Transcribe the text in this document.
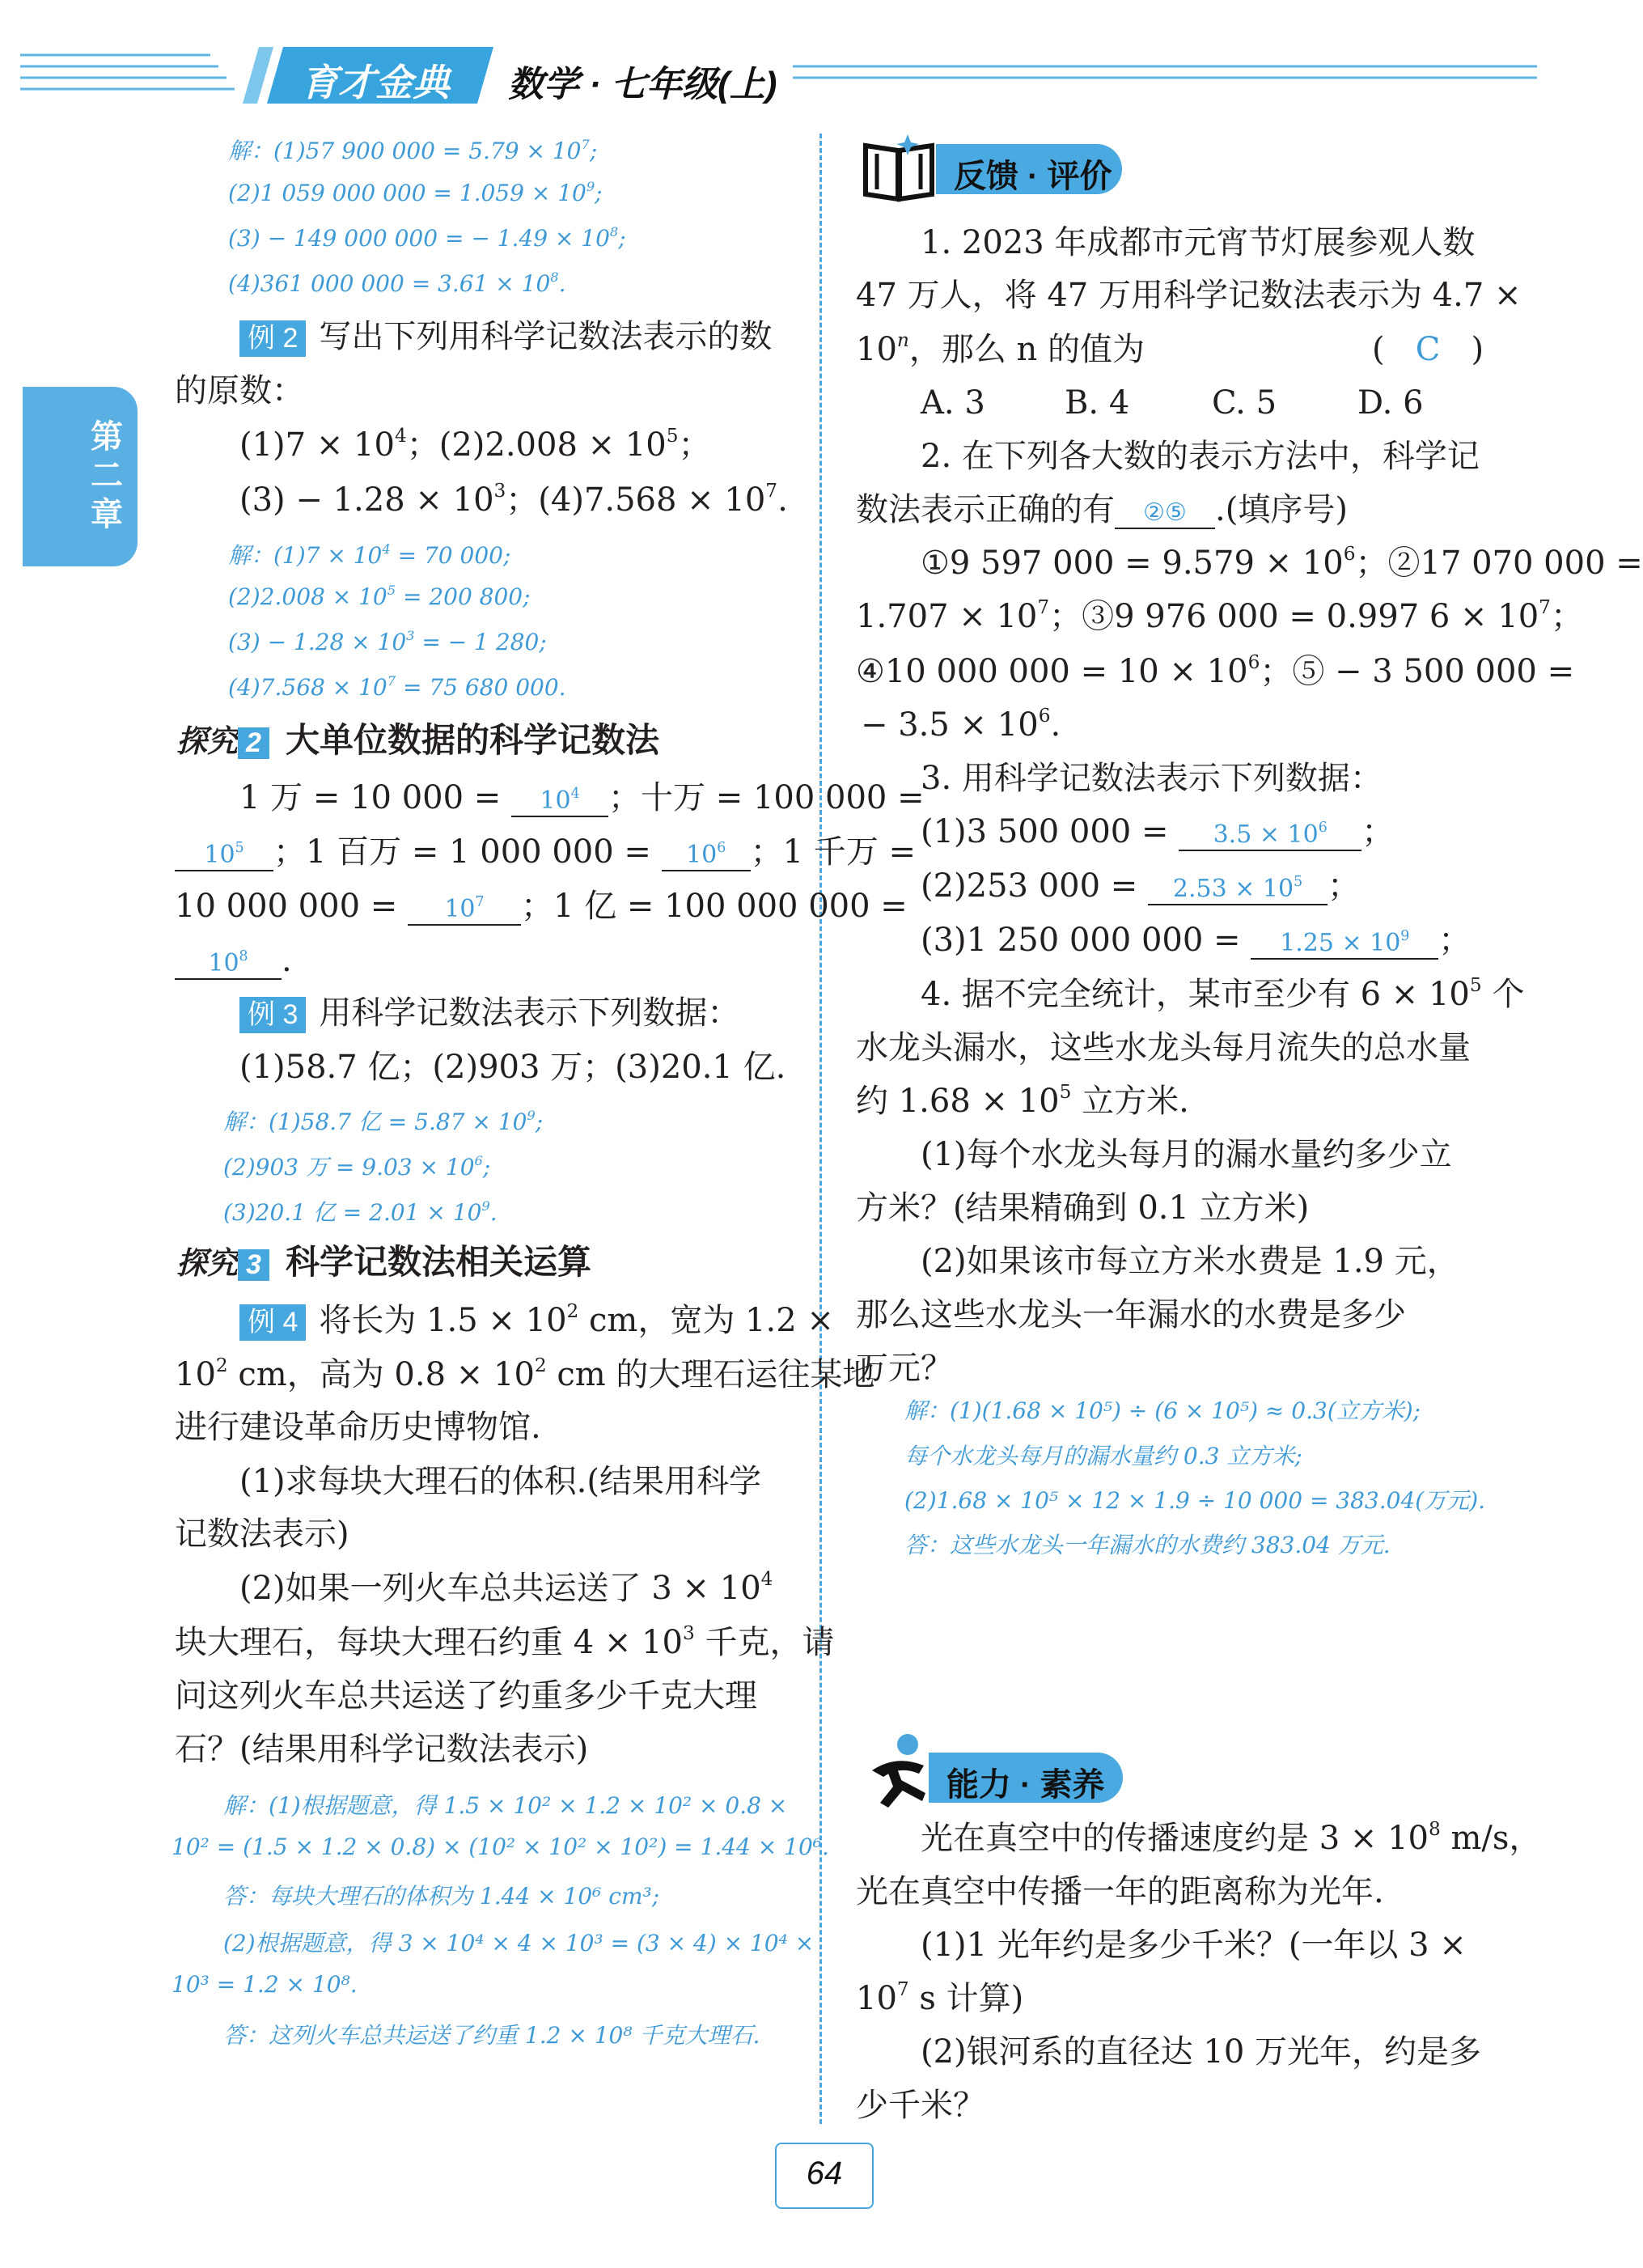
育才金典 数学 · 七年级(上)
第二章
解：(1)57 900 $000 = 5.79 \times 10^7$;
(2)1 059 000 $000 = 1.059 \times 10^9$;
(3) − 149 000 000 = − $1.49 \times 10^8$;
(4)361 000 $000 = 3.61 \times 10^8$.
例 2 写出下列用科学记数法表示的数
的原数：
$(1)7 \times 10^4$；$(2)2.008 \times 10^5$；
$(3) - 1.28 \times 10^3$；$(4)7.568 \times 10^7$.
解：$(1)7 \times 10^4 = 70$ 000;
$(2)2.008 \times 10^5 = 200$ 800;
$(3) - 1.28 \times 10^3$ = − 1 280;
$(4)7.568 \times 10^7 = 75$ 680 000.
探究 2 大单位数据的科学记数法
1 万 = 10 $000 = 10^4$ ；十万 = 100 000 =
$10^5$ ；1 百万 = 1 000 $000 = 10^6$ ；1 千万 =
10 000 $000 = 10^7$ ；1 亿 = 100 000 000 =
$10^8$ .
例 3 用科学记数法表示下列数据：
(1)58.7 亿；(2)903 万；(3)20.1 亿.
解：(1)58.7 亿 = $5.87 \times 10^9$;
(2)903 万 = $9.03 \times 10^6$;
(3)20.1 亿 = $2.01 \times 10^9$.
探究 3 科学记数法相关运算
例 4 将长为 $1.5 \times 10^2$ cm，宽为 1.2 ×
$10^2$ cm，高为 $0.8 \times 10^2$ cm 的大理石运往某地
进行建设革命历史博物馆.
(1)求每块大理石的体积.(结果用科学
记数法表示)
(2)如果一列火车总共运送了 $3 \times 10^4$
块大理石，每块大理石约重 $4 \times 10^3$ 千克，请
问这列火车总共运送了约重多少千克大理
石？(结果用科学记数法表示)
解：(1)根据题意，得 1.5 × 10² × 1.2 × 10² × 0.8 ×
10² = (1.5 × 1.2 × 0.8) × (10² × 10² × 10²) = 1.44 × 10⁶.
答：每块大理石的体积为 1.44 × 10⁶ cm³;
(2)根据题意，得 3 × 10⁴ × 4 × 10³ = (3 × 4) × 10⁴ ×
10³ = 1.2 × 10⁸.
答：这列火车总共运送了约重 1.2 × 10⁸ 千克大理石.
反馈 · 评价
1. 2023 年成都市元宵节灯展参观人数
47 万人，将 47 万用科学记数法表示为 4.7 ×
$10^n$，那么 n 的值为	(   C   )
A. 3 B. 4	C. 5 D. 6
2. 在下列各大数的表示方法中，科学记
数法表示正确的有 ②⑤ .(填序号)
①9 597 $000 = 9.579 \times 10^6$；②17 070 000 =
$1.707 \times 10^7$；③9 976 000 = 0.997 $6 \times 10^7$；
④10 000 $000 = 10 \times 10^6$；⑤ − 3 500 000 =
− $3.5 \times 10^6$.
3. 用科学记数法表示下列数据：
(1)3 500 $000 = 3.5 \times 10^6$ ；
(2)253 $000 = 2.53 \times 10^5$ ；
(3)1 250 000 $000 = 1.25 \times 10^9$ ；
4. 据不完全统计，某市至少有 $6 \times 10^5$ 个
水龙头漏水，这些水龙头每月流失的总水量
约 $1.68 \times 10^5$ 立方米.
(1)每个水龙头每月的漏水量约多少立
方米？(结果精确到 0.1 立方米)
(2)如果该市每立方米水费是 1.9 元，
那么这些水龙头一年漏水的水费是多少
万元？
解：(1)(1.68 × 10⁵) ÷ (6 × 10⁵) ≈ 0.3(立方米);
每个水龙头每月的漏水量约 0.3 立方米;
(2)1.68 × 10⁵ × 12 × 1.9 ÷ 10 000 = 383.04(万元).
答：这些水龙头一年漏水的水费约 383.04 万元.
能力 · 素养
光在真空中的传播速度约是 $3 \times 10^8$ m/s，
光在真空中传播一年的距离称为光年.
(1)1 光年约是多少千米？(一年以 3 ×
$10^7$ s 计算)
(2)银河系的直径达 10 万光年，约是多
少千米？
64
